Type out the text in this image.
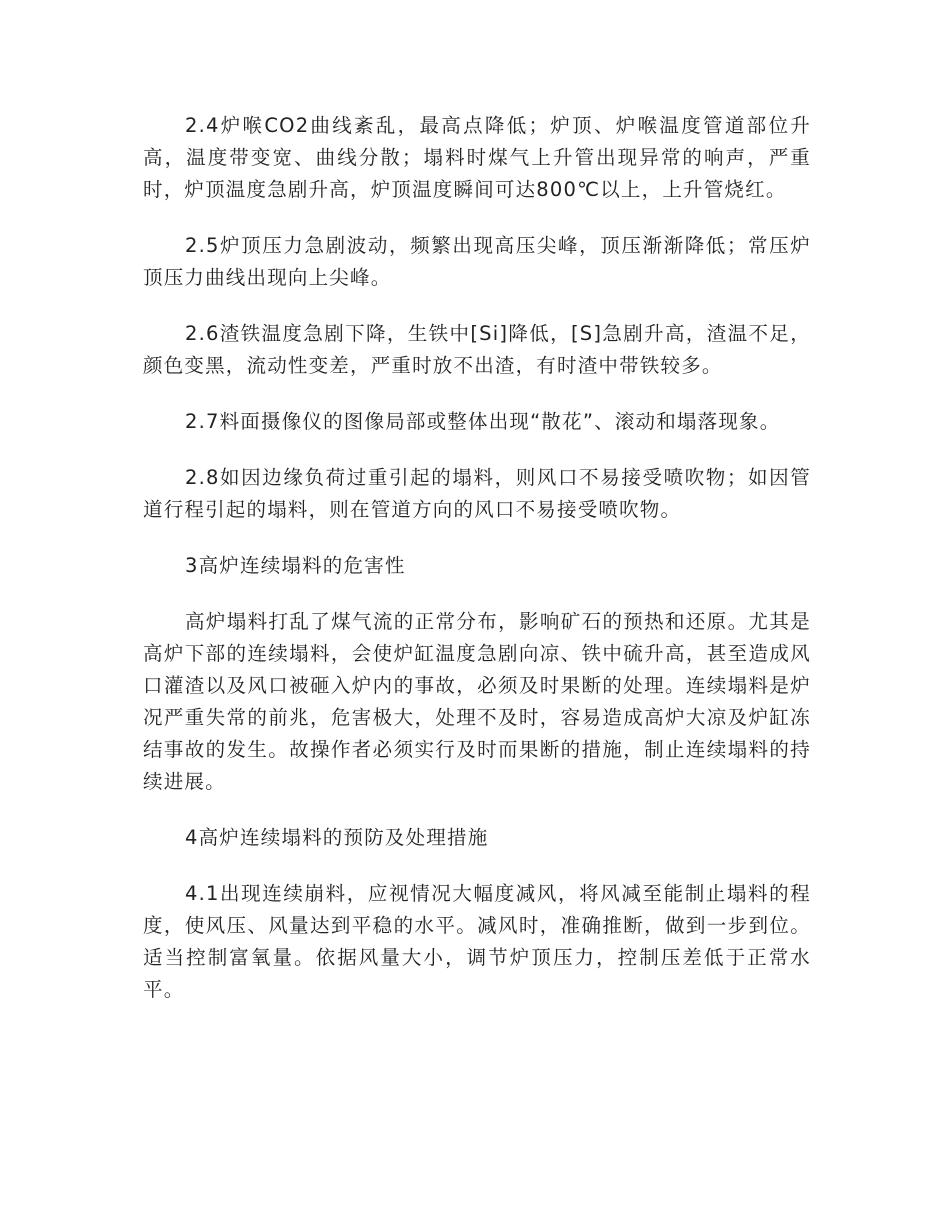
2.4炉喉CO2曲线紊乱，最高点降低；炉顶、炉喉温度管道部位升高，温度带变宽、曲线分散；塌料时煤气上升管出现异常的响声，严重时，炉顶温度急剧升高，炉顶温度瞬间可达800℃以上，上升管烧红。

2.5炉顶压力急剧波动，频繁出现高压尖峰，顶压渐渐降低；常压炉顶压力曲线出现向上尖峰。

2.6渣铁温度急剧下降，生铁中[Si]降低，[S]急剧升高，渣温不足，颜色变黑，流动性变差，严重时放不出渣，有时渣中带铁较多。

2.7料面摄像仪的图像局部或整体出现“散花”、滚动和塌落现象。

2.8如因边缘负荷过重引起的塌料，则风口不易接受喷吹物；如因管道行程引起的塌料，则在管道方向的风口不易接受喷吹物。

3高炉连续塌料的危害性

高炉塌料打乱了煤气流的正常分布，影响矿石的预热和还原。尤其是高炉下部的连续塌料，会使炉缸温度急剧向凉、铁中硫升高，甚至造成风口灌渣以及风口被砸入炉内的事故，必须及时果断的处理。连续塌料是炉况严重失常的前兆，危害极大，处理不及时，容易造成高炉大凉及炉缸冻结事故的发生。故操作者必须实行及时而果断的措施，制止连续塌料的持续进展。

4高炉连续塌料的预防及处理措施

4.1出现连续崩料，应视情况大幅度减风，将风减至能制止塌料的程度，使风压、风量达到平稳的水平。减风时，准确推断，做到一步到位。适当控制富氧量。依据风量大小，调节炉顶压力，控制压差低于正常水平。
